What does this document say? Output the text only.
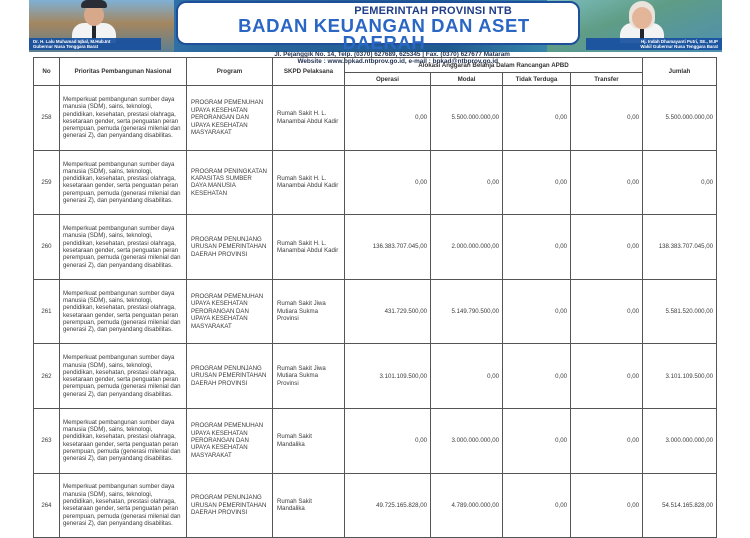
Dr. H. Lalu Muhamad Iqbal, M.Hub.Int
Gubernur Nusa Tenggara Barat
Hj. Indah Dhamayanti Putri, SE., M.IP
Wakil Gubernur Nusa Tenggara Barat
PEMERINTAH PROVINSI NTB
BADAN KEUANGAN DAN ASET DAERAH
Jl. Pejanggik No. 14, Telp. (0370) 627689, 625345 | Fax. (0370) 627677 Mataram
Website : www.bpkad.ntbprov.go.id, e-mail : bpkad@ntbprov.go.id
No	Prioritas Pembangunan Nasional	Program	SKPD Pelaksana	Alokasi Anggaran Belanja Dalam Rancangan APBD				Jumlah
				Operasi	Modal	Tidak Terduga	Transfer	
258	Memperkuat pembangunan sumber daya manusia (SDM), sains, teknologi, pendidikan, kesehatan, prestasi olahraga, kesetaraan gender, serta penguatan peran perempuan, pemuda (generasi milenial dan generasi Z), dan penyandang disabilitas.	PROGRAM PEMENUHAN UPAYA KESEHATAN PERORANGAN DAN UPAYA KESEHATAN MASYARAKAT	Rumah Sakit H. L. Manambai Abdul Kadir	0,00	5.500.000.000,00	0,00	0,00	5.500.000.000,00
259	Memperkuat pembangunan sumber daya manusia (SDM), sains, teknologi, pendidikan, kesehatan, prestasi olahraga, kesetaraan gender, serta penguatan peran perempuan, pemuda (generasi milenial dan generasi Z), dan penyandang disabilitas.	PROGRAM PENINGKATAN KAPASITAS SUMBER DAYA MANUSIA KESEHATAN	Rumah Sakit H. L. Manambai Abdul Kadir	0,00	0,00	0,00	0,00	0,00
260	Memperkuat pembangunan sumber daya manusia (SDM), sains, teknologi, pendidikan, kesehatan, prestasi olahraga, kesetaraan gender, serta penguatan peran perempuan, pemuda (generasi milenial dan generasi Z), dan penyandang disabilitas.	PROGRAM PENUNJANG URUSAN PEMERINTAHAN DAERAH PROVINSI	Rumah Sakit H. L. Manambai Abdul Kadir	136.383.707.045,00	2.000.000.000,00	0,00	0,00	138.383.707.045,00
261	Memperkuat pembangunan sumber daya manusia (SDM), sains, teknologi, pendidikan, kesehatan, prestasi olahraga, kesetaraan gender, serta penguatan peran perempuan, pemuda (generasi milenial dan generasi Z), dan penyandang disabilitas.	PROGRAM PEMENUHAN UPAYA KESEHATAN PERORANGAN DAN UPAYA KESEHATAN MASYARAKAT	Rumah Sakit Jiwa Mutiara Sukma Provinsi	431.729.500,00	5.149.790.500,00	0,00	0,00	5.581.520.000,00
262	Memperkuat pembangunan sumber daya manusia (SDM), sains, teknologi, pendidikan, kesehatan, prestasi olahraga, kesetaraan gender, serta penguatan peran perempuan, pemuda (generasi milenial dan generasi Z), dan penyandang disabilitas.	PROGRAM PENUNJANG URUSAN PEMERINTAHAN DAERAH PROVINSI	Rumah Sakit Jiwa Mutiara Sukma Provinsi	3.101.109.500,00	0,00	0,00	0,00	3.101.109.500,00
263	Memperkuat pembangunan sumber daya manusia (SDM), sains, teknologi, pendidikan, kesehatan, prestasi olahraga, kesetaraan gender, serta penguatan peran perempuan, pemuda (generasi milenial dan generasi Z), dan penyandang disabilitas.	PROGRAM PEMENUHAN UPAYA KESEHATAN PERORANGAN DAN UPAYA KESEHATAN MASYARAKAT	Rumah Sakit Mandalika	0,00	3.000.000.000,00	0,00	0,00	3.000.000.000,00
264	Memperkuat pembangunan sumber daya manusia (SDM), sains, teknologi, pendidikan, kesehatan, prestasi olahraga, kesetaraan gender, serta penguatan peran perempuan, pemuda (generasi milenial dan generasi Z), dan penyandang disabilitas.	PROGRAM PENUNJANG URUSAN PEMERINTAHAN DAERAH PROVINSI	Rumah Sakit Mandalika	49.725.165.828,00	4.789.000.000,00	0,00	0,00	54.514.165.828,00
